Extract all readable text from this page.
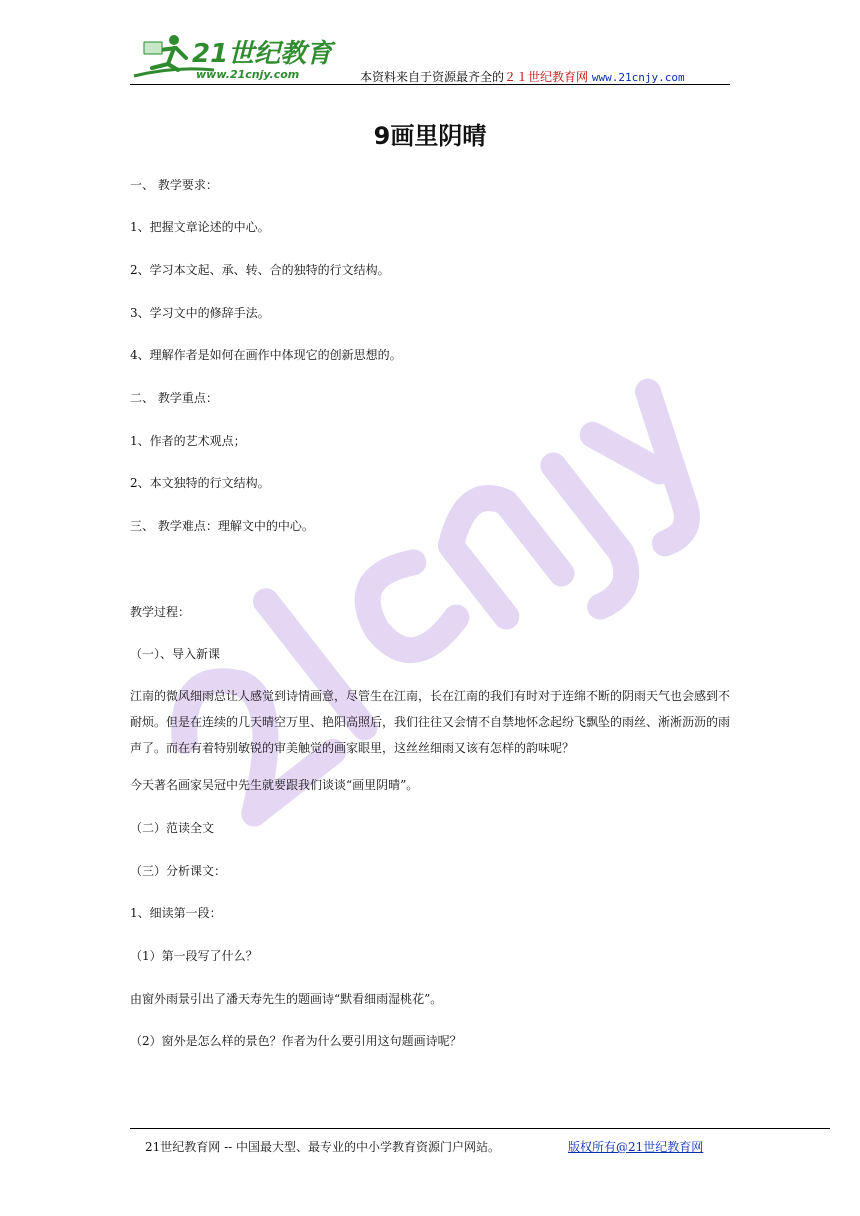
21世纪教育
www.21cnjy.com	本资料来自于资源最齐全的２１世纪教育网 www.21cnjy.com
9画里阴晴
一、 教学要求：
1、把握文章论述的中心。
2、学习本文起、承、转、合的独特的行文结构。
3、学习文中的修辞手法。
4、理解作者是如何在画作中体现它的创新思想的。
二、 教学重点：
1、作者的艺术观点；
2、本文独特的行文结构。
三、 教学难点：理解文中的中心。
教学过程：
（一）、导入新课
江南的微风细雨总让人感觉到诗情画意，尽管生在江南，长在江南的我们有时对于连绵不断的阴雨天气也会感到不耐烦。但是在连续的几天晴空万里、艳阳高照后，我们往往又会情不自禁地怀念起纷飞飘坠的雨丝、淅淅沥沥的雨声了。而在有着特别敏锐的审美触觉的画家眼里，这丝丝细雨又该有怎样的韵味呢？
今天著名画家吴冠中先生就要跟我们谈谈“画里阴晴”。
（二）范读全文
（三）分析课文：
1、细读第一段：
（1）第一段写了什么？
由窗外雨景引出了潘天寿先生的题画诗“默看细雨湿桃花”。
（2）窗外是怎么样的景色？作者为什么要引用这句题画诗呢？
21世纪教育网 -- 中国最大型、最专业的中小学教育资源门户网站。	版权所有@21世纪教育网
